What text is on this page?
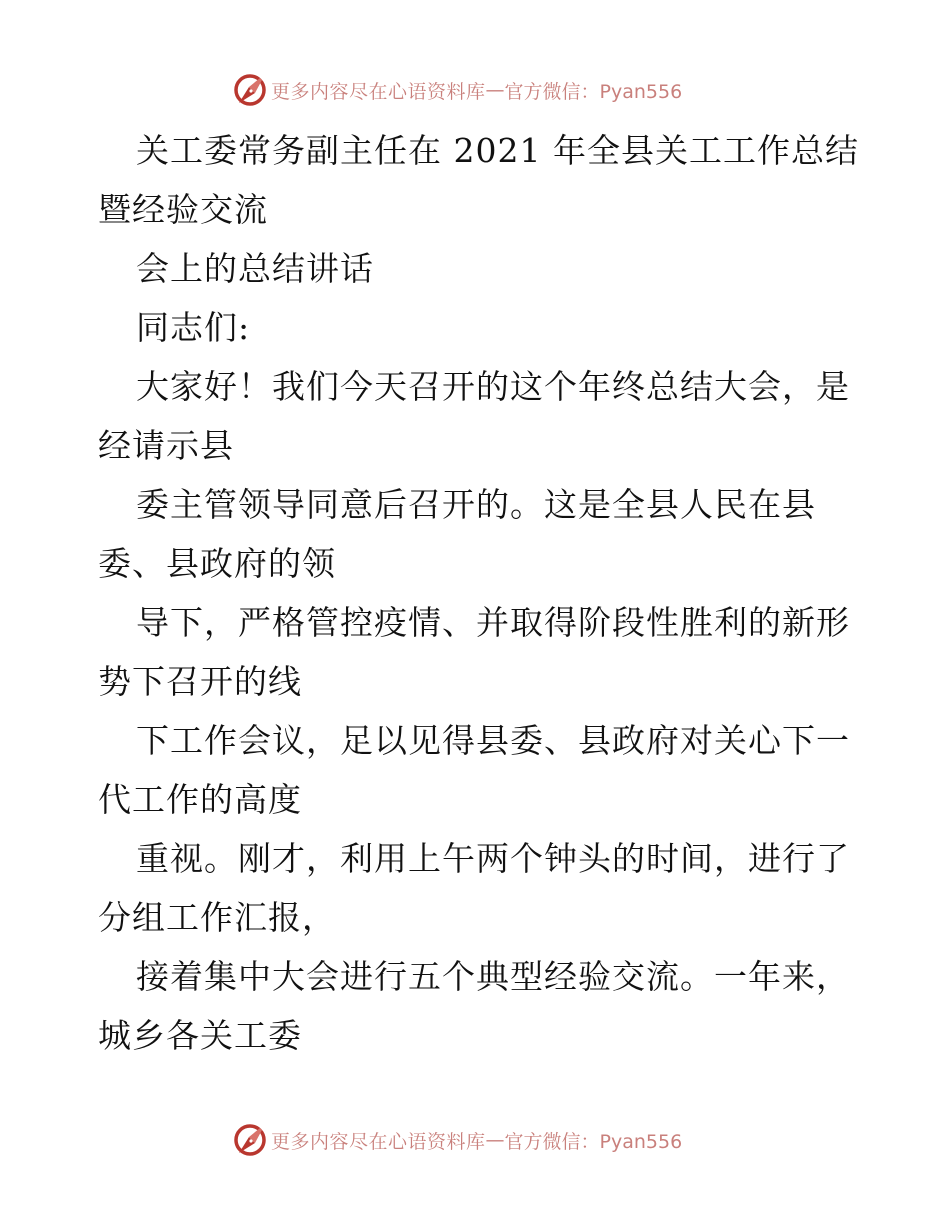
更多内容尽在心语资料库 — 官方微信：Pyan556
关工委常务副主任在 2021 年全县关工工作总结
暨经验交流
会上的总结讲话
同志们:
大家好！我们今天召开的这个年终总结大会，是
经请示县
委主管领导同意后召开的。这是全县人民在县
委、县政府的领
导下，严格管控疫情、并取得阶段性胜利的新形
势下召开的线
下工作会议，足以见得县委、县政府对关心下一
代工作的高度
重视。刚才，利用上午两个钟头的时间，进行了
分组工作汇报，
接着集中大会进行五个典型经验交流。一年来，
城乡各关工委
更多内容尽在心语资料库 — 官方微信：Pyan556
